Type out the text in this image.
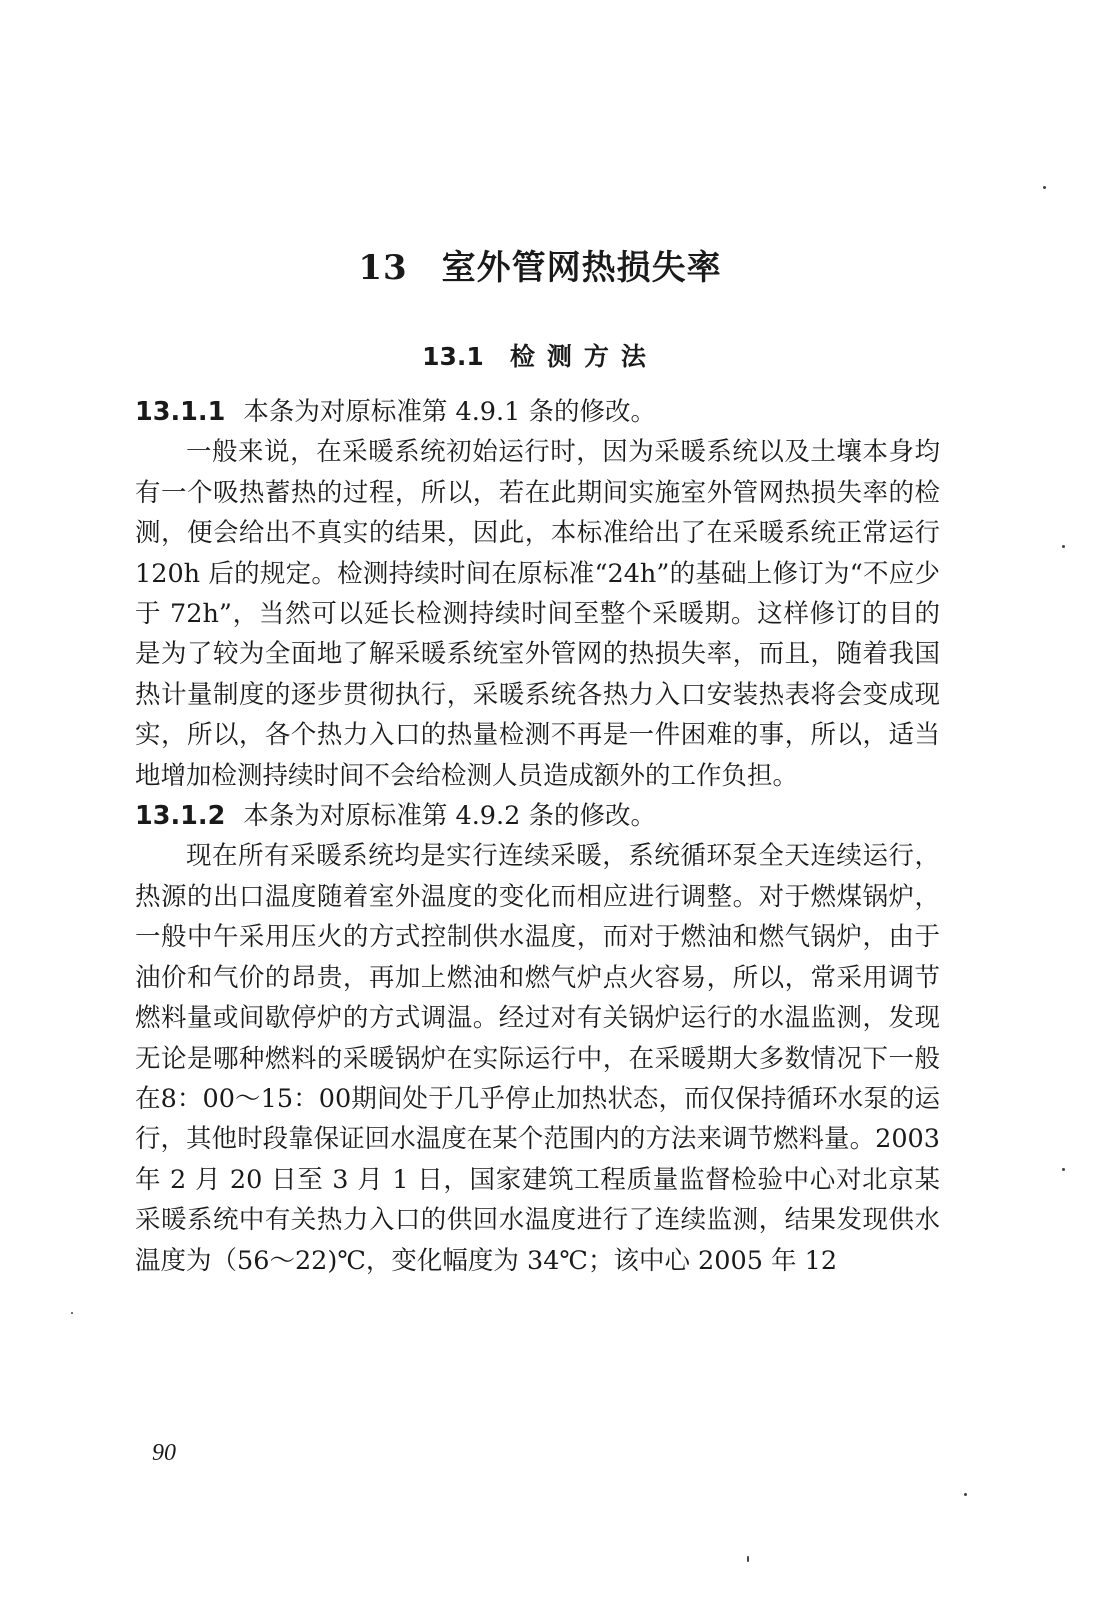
13 室外管网热损失率
13.1 检测方法

13.1.1 本条为对原标准第 4.9.1 条的修改。

一般来说，在采暖系统初始运行时，因为采暖系统以及土壤本身均有一个吸热蓄热的过程，所以，若在此期间实施室外管网热损失率的检测，便会给出不真实的结果，因此，本标准给出了在采暖系统正常运行 120h 后的规定。检测持续时间在原标准“24h”的基础上修订为“不应少于 72h”，当然可以延长检测持续时间至整个采暖期。这样修订的目的是为了较为全面地了解采暖系统室外管网的热损失率，而且，随着我国热计量制度的逐步贯彻执行，采暖系统各热力入口安装热表将会变成现实，所以，各个热力入口的热量检测不再是一件困难的事，所以，适当地增加检测持续时间不会给检测人员造成额外的工作负担。

13.1.2 本条为对原标准第 4.9.2 条的修改。

现在所有采暖系统均是实行连续采暖，系统循环泵全天连续运行，热源的出口温度随着室外温度的变化而相应进行调整。对于燃煤锅炉，一般中午采用压火的方式控制供水温度，而对于燃油和燃气锅炉，由于油价和气价的昂贵，再加上燃油和燃气炉点火容易，所以，常采用调节燃料量或间歇停炉的方式调温。经过对有关锅炉运行的水温监测，发现无论是哪种燃料的采暖锅炉在实际运行中，在采暖期大多数情况下一般在8：00～15：00期间处于几乎停止加热状态，而仅保持循环水泵的运行，其他时段靠保证回水温度在某个范围内的方法来调节燃料量。2003 年 2 月 20 日至 3 月 1 日，国家建筑工程质量监督检验中心对北京某采暖系统中有关热力入口的供回水温度进行了连续监测，结果发现供水温度为（56～22)℃，变化幅度为 34℃；该中心 2005 年 12

90
